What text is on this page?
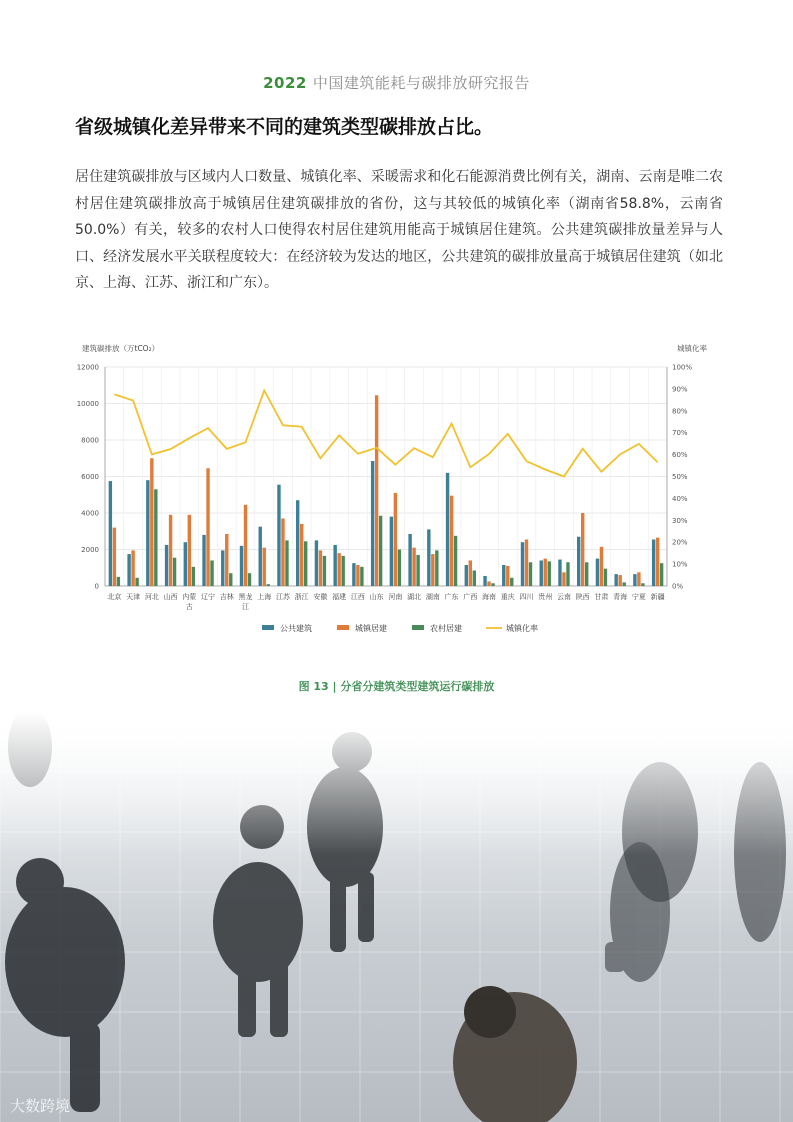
2022 中国建筑能耗与碳排放研究报告
省级城镇化差异带来不同的建筑类型碳排放占比。
居住建筑碳排放与区域内人口数量、城镇化率、采暖需求和化石能源消费比例有关，湖南、云南是唯二农村居住建筑碳排放高于城镇居住建筑碳排放的省份，这与其较低的城镇化率（湖南省58.8%，云南省 50.0%）有关，较多的农村人口使得农村居住建筑用能高于城镇居住建筑。公共建筑碳排放量差异与人口、经济发展水平关联程度较大：在经济较为发达的地区，公共建筑的碳排放量高于城镇居住建筑（如北京、上海、江苏、浙江和广东）。
建筑碳排放（万tCO₂）	城镇化率
0
2000
4000
6000
8000
10000
12000
0%
10%
20%
30%
40%
50%
60%
70%
80%
90%
100%
北京 天津 河北 山西 内蒙
古
辽宁 吉林 黑龙
江
上海 江苏 浙江 安徽 福建 江西 山东 河南 湖北 湖南 广东 广西 海南 重庆 四川 贵州 云南 陕西 甘肃 青海 宁夏 新疆
公共建筑	城镇居建	农村居建	城镇化率
图 13 | 分省分建筑类型建筑运行碳排放
大数跨境
